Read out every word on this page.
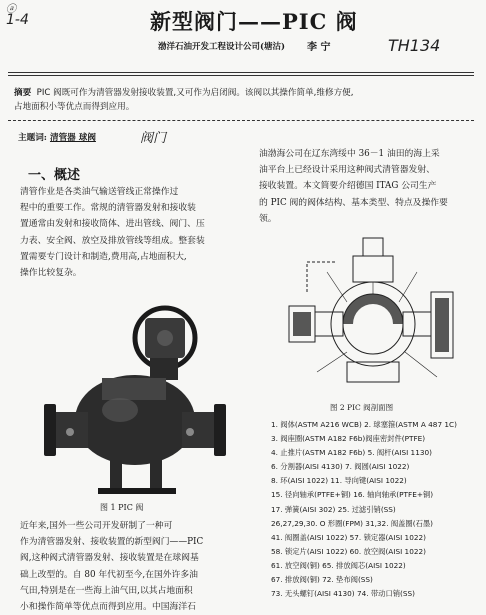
ⓐ
1-4	新型阀门——PIC 阀
渤洋石油开发工程设计公司(塘沽) 李 宁	TH134
摘要 PIC 阀既可作为清管器发射接收装置,又可作为启闭阀。该阀以其操作简单,维修方便,
占地面积小等优点而得到应用。
主题词: 清管器 球阀	阀门
一、概述
清管作业是各类油气输送管线正常操作过
程中的重要工作。常规的清管器发射和接收装
置通常由发射和接收筒体、进出管线、阀门、压
力表、安全阀、放空及排放管线等组成。整套装
置需要专门设计和制造,费用高,占地面积大,
操作比较复杂。
油渤海公司在辽东湾绥中 36－1 油田的海上采
油平台上已经设计采用这种阀式清管器发射、
接收装置。本文简要介绍德国 ITAG 公司生产
的 PIC 阀的阀体结构、基本类型、特点及操作要
领。
图 1 PIC 阀
图 2 PIC 阀剖面图
1. 阀体(ASTM A216 WCB) 2. 球塞箍(ASTM A 487 1C)
3. 阀座圈(ASTM A182 F6b)阀座密封件(PTFE)
4. 止推片(ASTM A182 F6b) 5. 阀杆(AISI 1130)
6. 分割器(AISI 4130) 7. 阀圆(AISI 1022)
8. 环(AISI 1022) 11. 导向键(AISI 1022)
15. 径向轴承(PTFE+铜) 16. 轴向轴承(PTFE+铜)
17. 弹簧(AISI 302) 25. 过滤引销(SS)
26,27,29,30. O 形圈(FPM) 31,32. 阀盖圈(石墨)
41. 阀圈盖(AISI 1022) 57. 锁定器(AISI 1022)
58. 锁定片(AISI 1022) 60. 放空阀(AISI 1022)
61. 放空阀(铜) 65. 排放阀芯(AISI 1022)
67. 排放阀(铜) 72. 垫布阀(SS)
73. 无头螺钉(AISI 4130) 74. 带动口销(SS)
近年来,国外一些公司开发研制了一种可
作为清管器发射、接收装置的新型阀门——PIC
阀,这种阀式清管器发射、接收装置是在球阀基
础上改型的。自 80 年代初至今,在国外许多油
气田,特别是在一些海上油气田,以其占地面积
小和操作简单等优点而得到应用。中国海洋石
